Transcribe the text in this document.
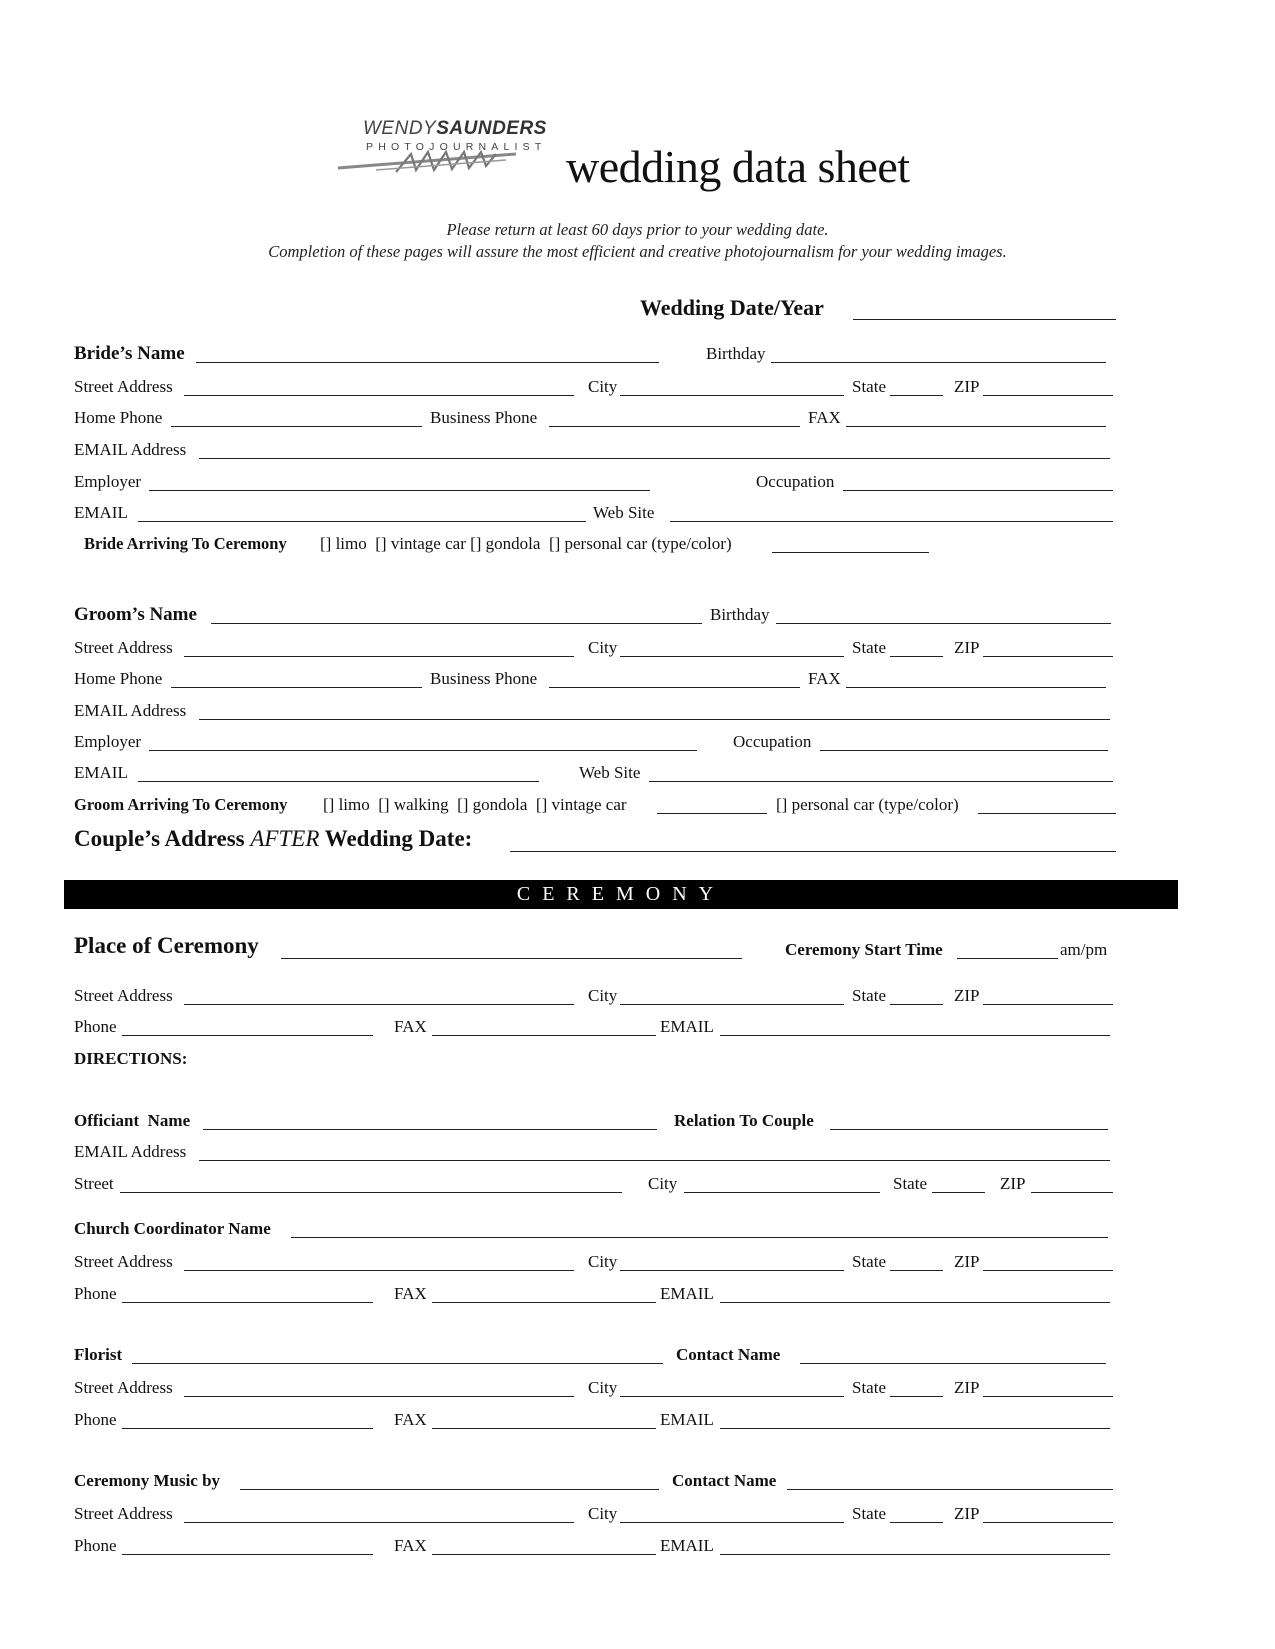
WENDYSAUNDERS
PHOTOJOURNALIST wedding data sheet
Please return at least 60 days prior to your wedding date.
Completion of these pages will assure the most efficient and creative photojournalism for your wedding images.
Wedding Date/Year
Bride’s Name	Birthday
Street Address	City	State	ZIP
Home Phone	Business Phone	FAX
EMAIL Address
Employer	Occupation
EMAIL	Web Site
Bride Arriving To Ceremony [] limo  [] vintage car [] gondola  [] personal car (type/color)
Groom’s Name	Birthday
Street Address	City	State	ZIP
Home Phone	Business Phone	FAX
EMAIL Address
Employer	Occupation
EMAIL	Web Site
Groom Arriving To Ceremony [] limo  [] walking  [] gondola  [] vintage car	[] personal car (type/color)
Couple’s Address AFTER Wedding Date:
CEREMONY
Place of Ceremony	Ceremony Start Time	am/pm
Street Address	City	State	ZIP
Phone	FAX	EMAIL
DIRECTIONS:
Officiant  Name	Relation To Couple
EMAIL Address
Street	City	State	ZIP
Church Coordinator Name
Street Address	City	State	ZIP
Phone	FAX	EMAIL
Florist	Contact Name
Street Address	City	State	ZIP
Phone	FAX	EMAIL
Ceremony Music by	Contact Name
Street Address	City	State	ZIP
Phone	FAX	EMAIL
